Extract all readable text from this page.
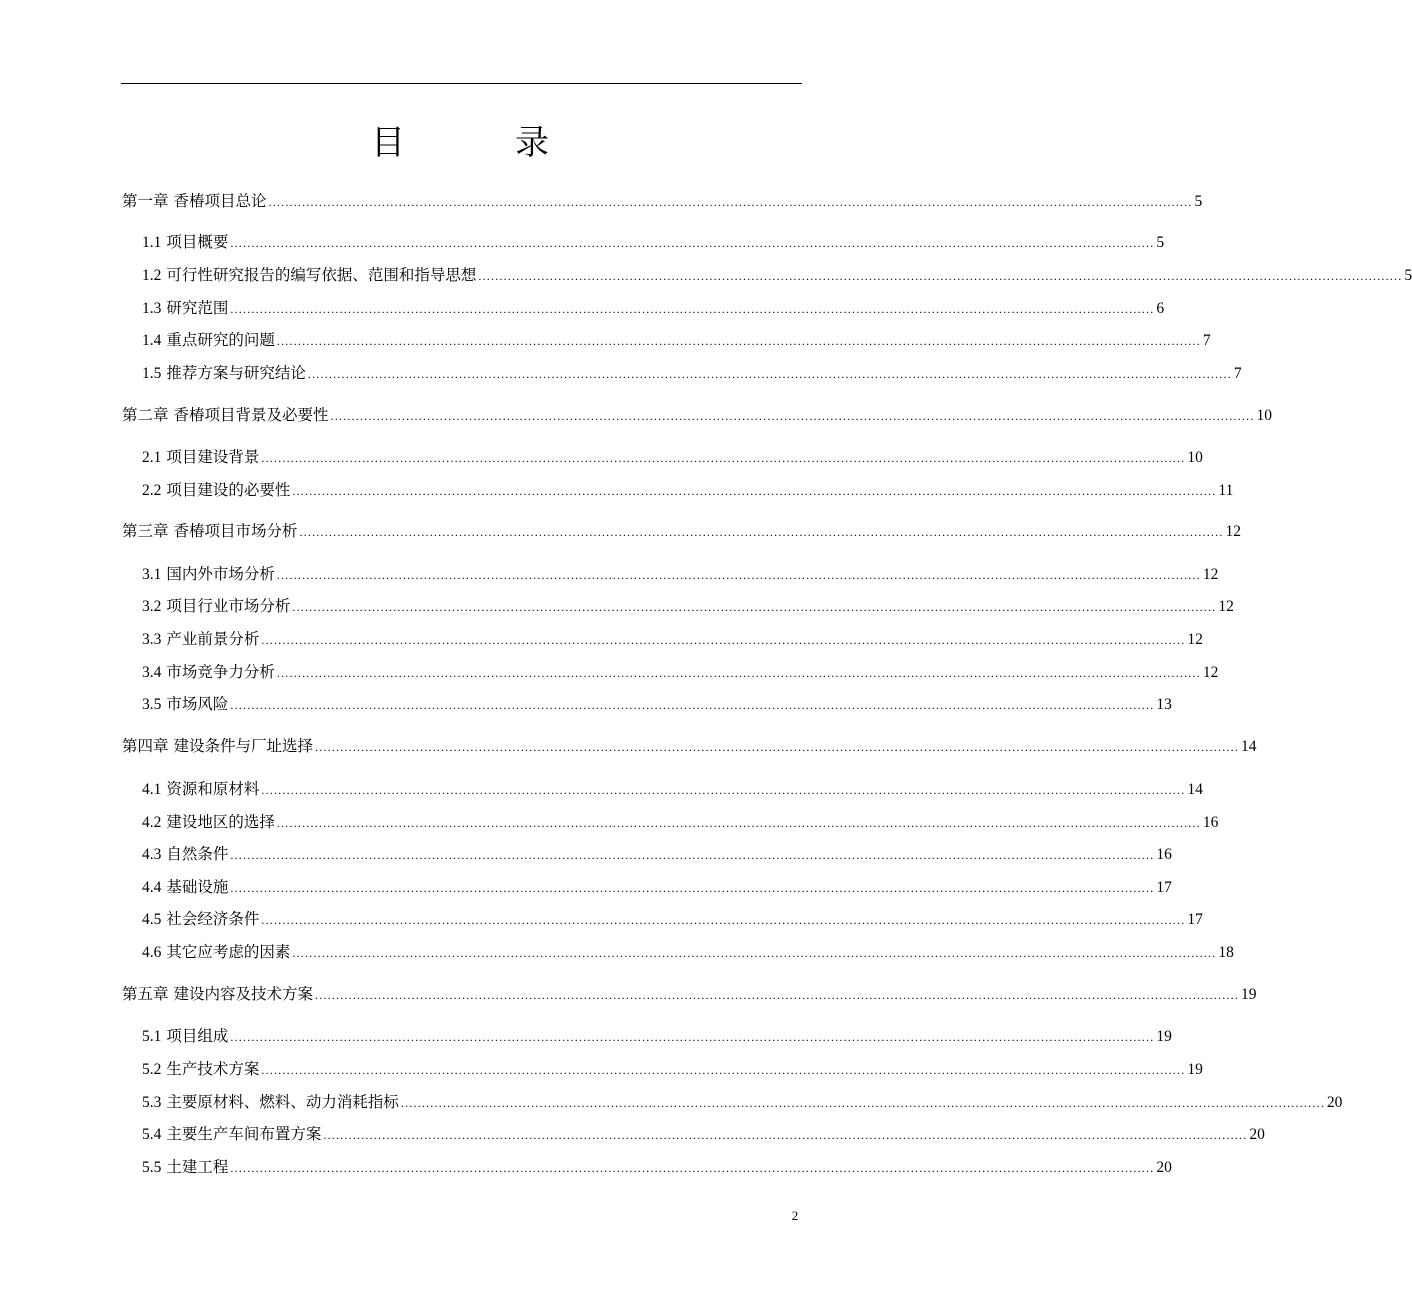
目　录
第一章 香椿项目总论 ............................................................................................................................................................................................................................ 5
1.1 项目概要 ............................................................................................................................................................................................................................ 5
1.2 可行性研究报告的编写依据、范围和指导思想 ............................................................................................................................................................................................................................ 5
1.3 研究范围 ............................................................................................................................................................................................................................ 6
1.4 重点研究的问题 ............................................................................................................................................................................................................................ 7
1.5 推荐方案与研究结论 ............................................................................................................................................................................................................................ 7
第二章 香椿项目背景及必要性 ............................................................................................................................................................................................................................ 10
2.1 项目建设背景 ............................................................................................................................................................................................................................ 10
2.2 项目建设的必要性 ............................................................................................................................................................................................................................ 11
第三章 香椿项目市场分析 ............................................................................................................................................................................................................................ 12
3.1 国内外市场分析 ............................................................................................................................................................................................................................ 12
3.2 项目行业市场分析 ............................................................................................................................................................................................................................ 12
3.3 产业前景分析 ............................................................................................................................................................................................................................ 12
3.4 市场竞争力分析 ............................................................................................................................................................................................................................ 12
3.5 市场风险 ............................................................................................................................................................................................................................ 13
第四章 建设条件与厂址选择 ............................................................................................................................................................................................................................ 14
4.1 资源和原材料 ............................................................................................................................................................................................................................ 14
4.2 建设地区的选择 ............................................................................................................................................................................................................................ 16
4.3 自然条件 ............................................................................................................................................................................................................................ 16
4.4 基础设施 ............................................................................................................................................................................................................................ 17
4.5 社会经济条件 ............................................................................................................................................................................................................................ 17
4.6 其它应考虑的因素 ............................................................................................................................................................................................................................ 18
第五章 建设内容及技术方案 ............................................................................................................................................................................................................................ 19
5.1 项目组成 ............................................................................................................................................................................................................................ 19
5.2 生产技术方案 ............................................................................................................................................................................................................................ 19
5.3 主要原材料、燃料、动力消耗指标 ............................................................................................................................................................................................................................ 20
5.4 主要生产车间布置方案 ............................................................................................................................................................................................................................ 20
5.5 土建工程 ............................................................................................................................................................................................................................ 20
2
